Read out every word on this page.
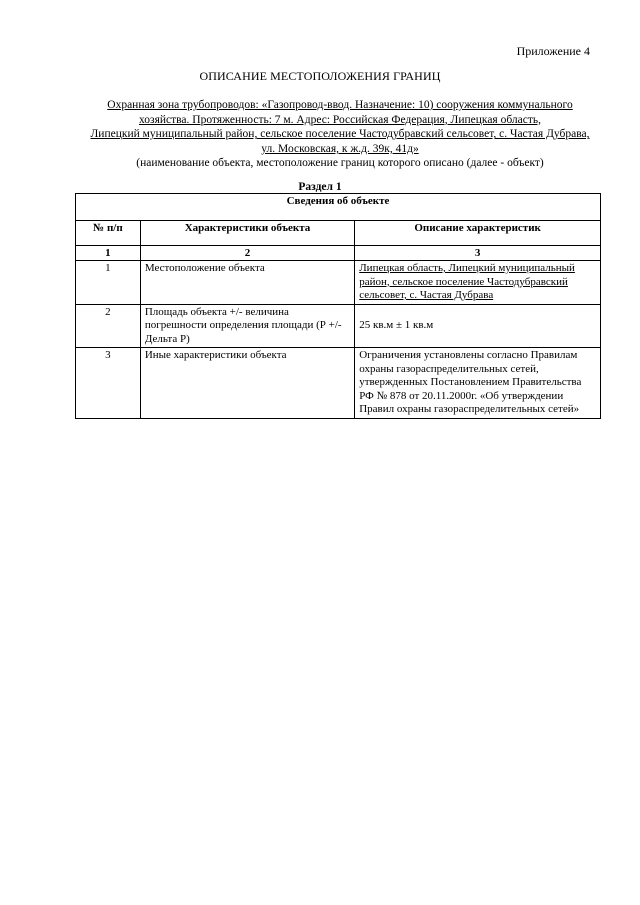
Приложение 4
ОПИСАНИЕ МЕСТОПОЛОЖЕНИЯ ГРАНИЦ
Охранная зона трубопроводов: «Газопровод-ввод. Назначение: 10) сооружения коммунального
хозяйства. Протяженность: 7 м. Адрес: Российская Федерация, Липецкая область,
Липецкий муниципальный район, сельское поселение Частодубравский сельсовет, с. Частая Дубрава,
ул. Московская, к ж.д. 39к, 41д»
(наименование объекта, местоположение границ которого описано (далее - объект)
Раздел 1
Сведения об объекте		
№ п/п	Характеристики объекта	Описание характеристик
1	2	3
1	Местоположение объекта	Липецкая область, Липецкий муниципальный район, сельское поселение Частодубравский сельсовет, с. Частая Дубрава
2	Площадь объекта +/- величина погрешности определения площади (Р +/- Дельта Р)	25 кв.м ± 1 кв.м
3	Иные характеристики объекта	Ограничения установлены согласно Правилам охраны газораспределительных сетей, утвержденных Постановлением Правительства РФ № 878 от 20.11.2000г. «Об утверждении Правил охраны газораспределительных сетей»
